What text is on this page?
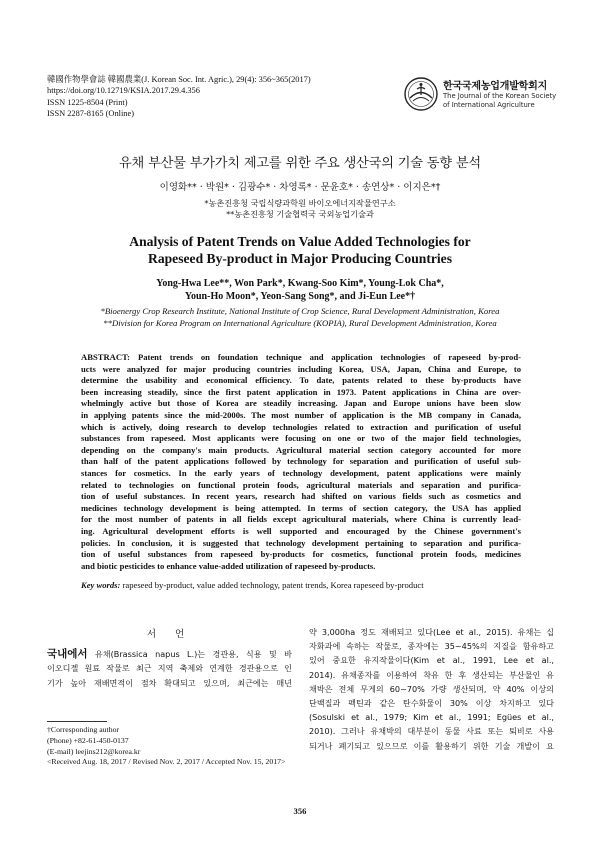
韓國作物學會誌 韓國農業(J. Korean Soc. Int. Agric.), 29(4): 356~365(2017)
https://doi.org/10.12719/KSIA.2017.29.4.356
ISSN 1225-8504 (Print)
ISSN 2287-8165 (Online)
한국국제농업개발학회지
The Journal of the Korean Society
of International Agriculture
유채 부산물 부가가치 제고를 위한 주요 생산국의 기술 동향 분석
이영화** · 박원* · 김광수* · 차영록* · 문윤호* · 송연상* · 이지은*†
*농촌진흥청 국립식량과학원 바이오에너지작물연구소
**농촌진흥청 기술협력국 국외농업기술과
Analysis of Patent Trends on Value Added Technologies for
Rapeseed By-product in Major Producing Countries
Yong-Hwa Lee**, Won Park*, Kwang-Soo Kim*, Young-Lok Cha*,
Youn-Ho Moon*, Yeon-Sang Song*, and Ji-Eun Lee*†
*Bioenergy Crop Research Institute, National Institute of Crop Science, Rural Development Administration, Korea
**Division for Korea Program on International Agriculture (KOPIA), Rural Development Administration, Korea
ABSTRACT: Patent trends on foundation technique and application technologies of rapeseed by-prod-
ucts were analyzed for major producing countries including Korea, USA, Japan, China and Europe, to
determine the usability and economical efficiency. To date, patents related to these by-products have
been increasing steadily, since the first patent application in 1973. Patent applications in China are over-
whelmingly active but those of Korea are steadily increasing. Japan and Europe unions have been slow
in applying patents since the mid-2000s. The most number of application is the MB company in Canada,
which is actively, doing research to develop technologies related to extraction and purification of useful
substances from rapeseed. Most applicants were focusing on one or two of the major field technologies,
depending on the company's main products. Agricultural material section category accounted for more
than half of the patent applications followed by technology for separation and purification of useful sub-
stances for cosmetics. In the early years of technology development, patent applications were mainly
related to technologies on functional protein foods, agricultural materials and separation and purifica-
tion of useful substances. In recent years, research had shifted on various fields such as cosmetics and
medicines technology development is being attempted. In terms of section category, the USA has applied
for the most number of patents in all fields except agricultural materials, where China is currently lead-
ing. Agricultural development efforts is well supported and encouraged by the Chinese government's
policies. In conclusion, it is suggested that technology development pertaining to separation and purifica-
tion of useful substances from rapeseed by-products for cosmetics, functional protein foods, medicines
and biotic pesticides to enhance value-added utilization of rapeseed by-products.
Key words: rapeseed by-product, value added technology, patent trends, Korea rapeseed by-product
서 언
국내에서 유채(Brassica napus L.)는 경관용, 식용 및 바
이오디젤 원료 작물로 최근 지역 축제와 연계한 경관용으로 인
기가 높아 재배면적이 점차 확대되고 있으며, 최근에는 매년
약 3,000ha 정도 재배되고 있다(Lee et al., 2015). 유채는 십
자화과에 속하는 작물로, 종자에는 35~45%의 지질을 함유하고
있어 중요한 유지작물이다(Kim et al., 1991, Lee et al.,
2014). 유채종자를 이용하여 착유 한 후 생산되는 부산물인 유
채박은 전체 무게의 60~70% 가량 생산되며, 약 40% 이상의
단백질과 펙틴과 같은 탄수화물이 30% 이상 차지하고 있다
(Sosulski et al., 1979; Kim et al., 1991; Egües et al.,
2010). 그러나 유채박의 대부분이 동물 사료 또는 퇴비로 사용
되거나 폐기되고 있으므로 이를 활용하기 위한 기술 개발이 요
†Corresponding author
(Phone) +82-61-450-0137
(E-mail) leejins212@korea.kr
<Received Aug. 18, 2017 / Revised Nov. 2, 2017 / Accepted Nov. 15, 2017>
356
